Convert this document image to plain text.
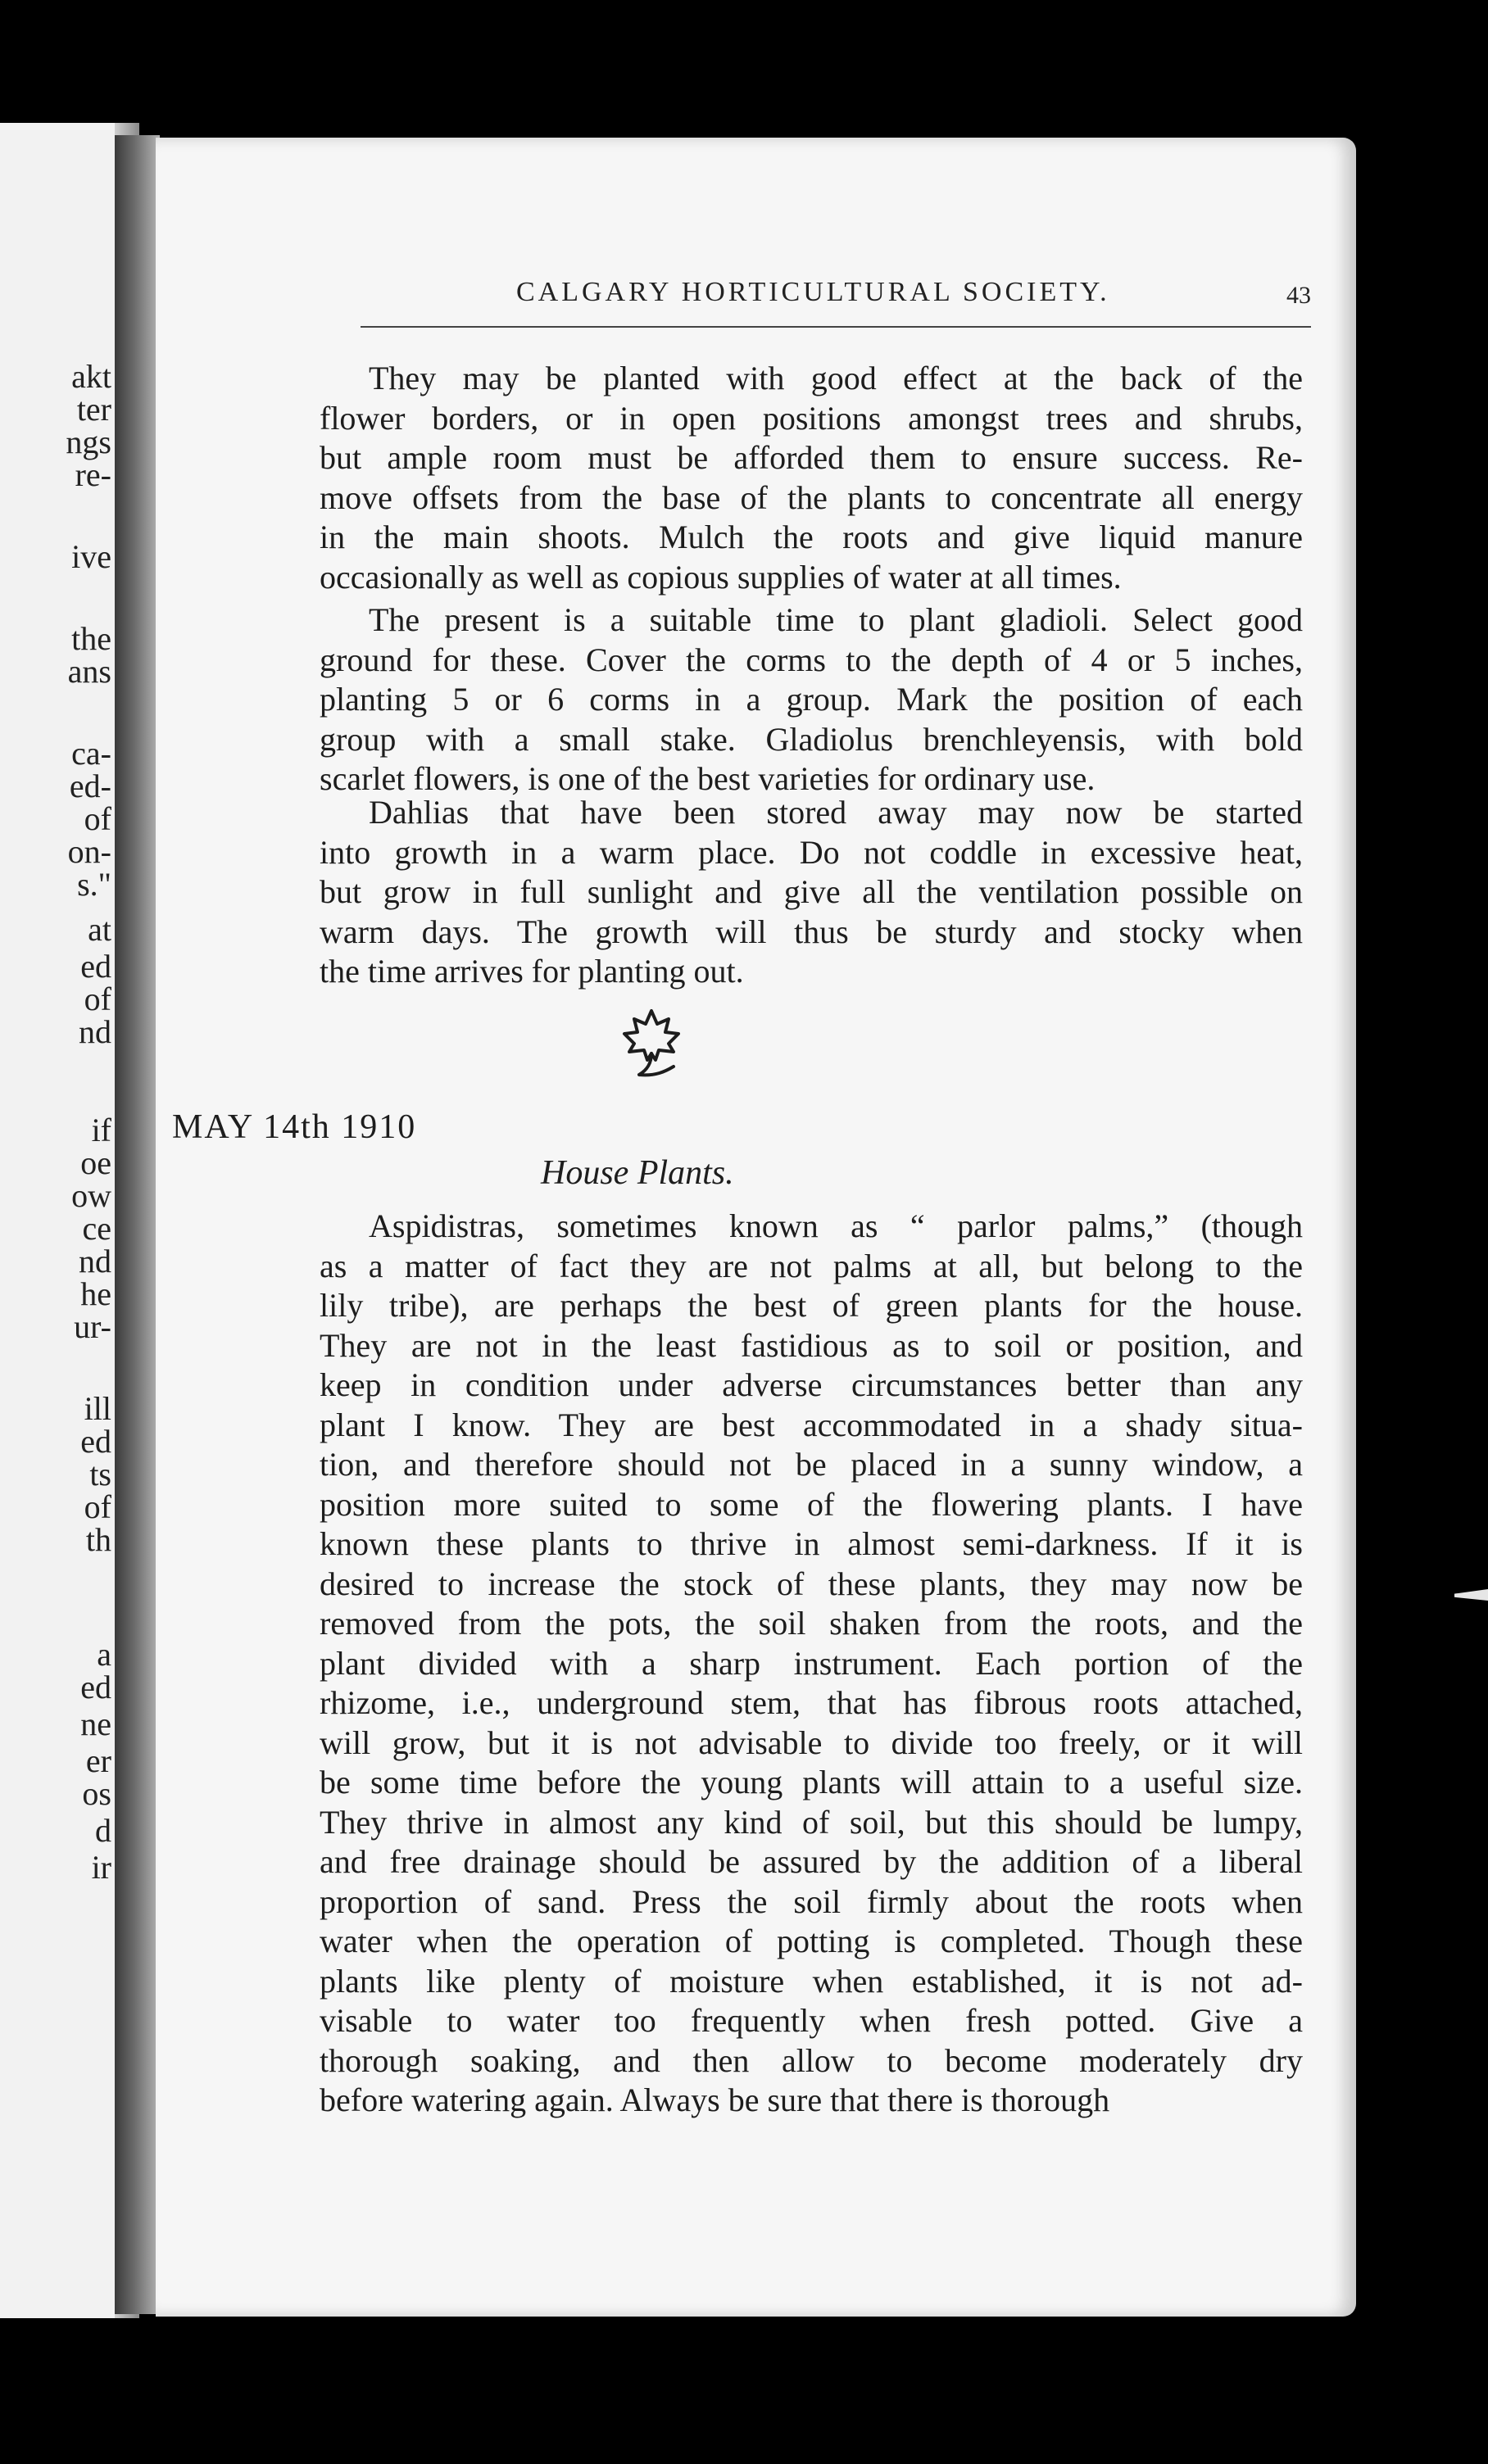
akt
ter
ngs
re-
ive
the
ans
ca-
ed-
of
on-
s."
at
ed
of
nd
if
oe
ow
ce
nd
he
ur-
ill
ed
ts
of
th
a
ed
ne
er
os
d
ir
CALGARY HORTICULTURAL SOCIETY.	43
They may be planted with good effect at the back of the
flower borders, or in open positions amongst trees and shrubs,
but ample room must be afforded them to ensure success. Re-
move offsets from the base of the plants to concentrate all energy
in the main shoots. Mulch the roots and give liquid manure
occasionally as well as copious supplies of water at all times.
The present is a suitable time to plant gladioli. Select good
ground for these. Cover the corms to the depth of 4 or 5 inches,
planting 5 or 6 corms in a group. Mark the position of each
group with a small stake. Gladiolus brenchleyensis, with bold
scarlet flowers, is one of the best varieties for ordinary use.
Dahlias that have been stored away may now be started
into growth in a warm place. Do not coddle in excessive heat,
but grow in full sunlight and give all the ventilation possible on
warm days. The growth will thus be sturdy and stocky when
the time arrives for planting out.
MAY 14th 1910
House Plants.
Aspidistras, sometimes known as “ parlor palms,” (though
as a matter of fact they are not palms at all, but belong to the
lily tribe), are perhaps the best of green plants for the house.
They are not in the least fastidious as to soil or position, and
keep in condition under adverse circumstances better than any
plant I know. They are best accommodated in a shady situa-
tion, and therefore should not be placed in a sunny window, a
position more suited to some of the flowering plants. I have
known these plants to thrive in almost semi-darkness. If it is
desired to increase the stock of these plants, they may now be
removed from the pots, the soil shaken from the roots, and the
plant divided with a sharp instrument. Each portion of the
rhizome, i.e., underground stem, that has fibrous roots attached,
will grow, but it is not advisable to divide too freely, or it will
be some time before the young plants will attain to a useful size.
They thrive in almost any kind of soil, but this should be lumpy,
and free drainage should be assured by the addition of a liberal
proportion of sand. Press the soil firmly about the roots when
water when the operation of potting is completed. Though these
plants like plenty of moisture when established, it is not ad-
visable to water too frequently when fresh potted. Give a
thorough soaking, and then allow to become moderately dry
before watering again. Always be sure that there is thorough
